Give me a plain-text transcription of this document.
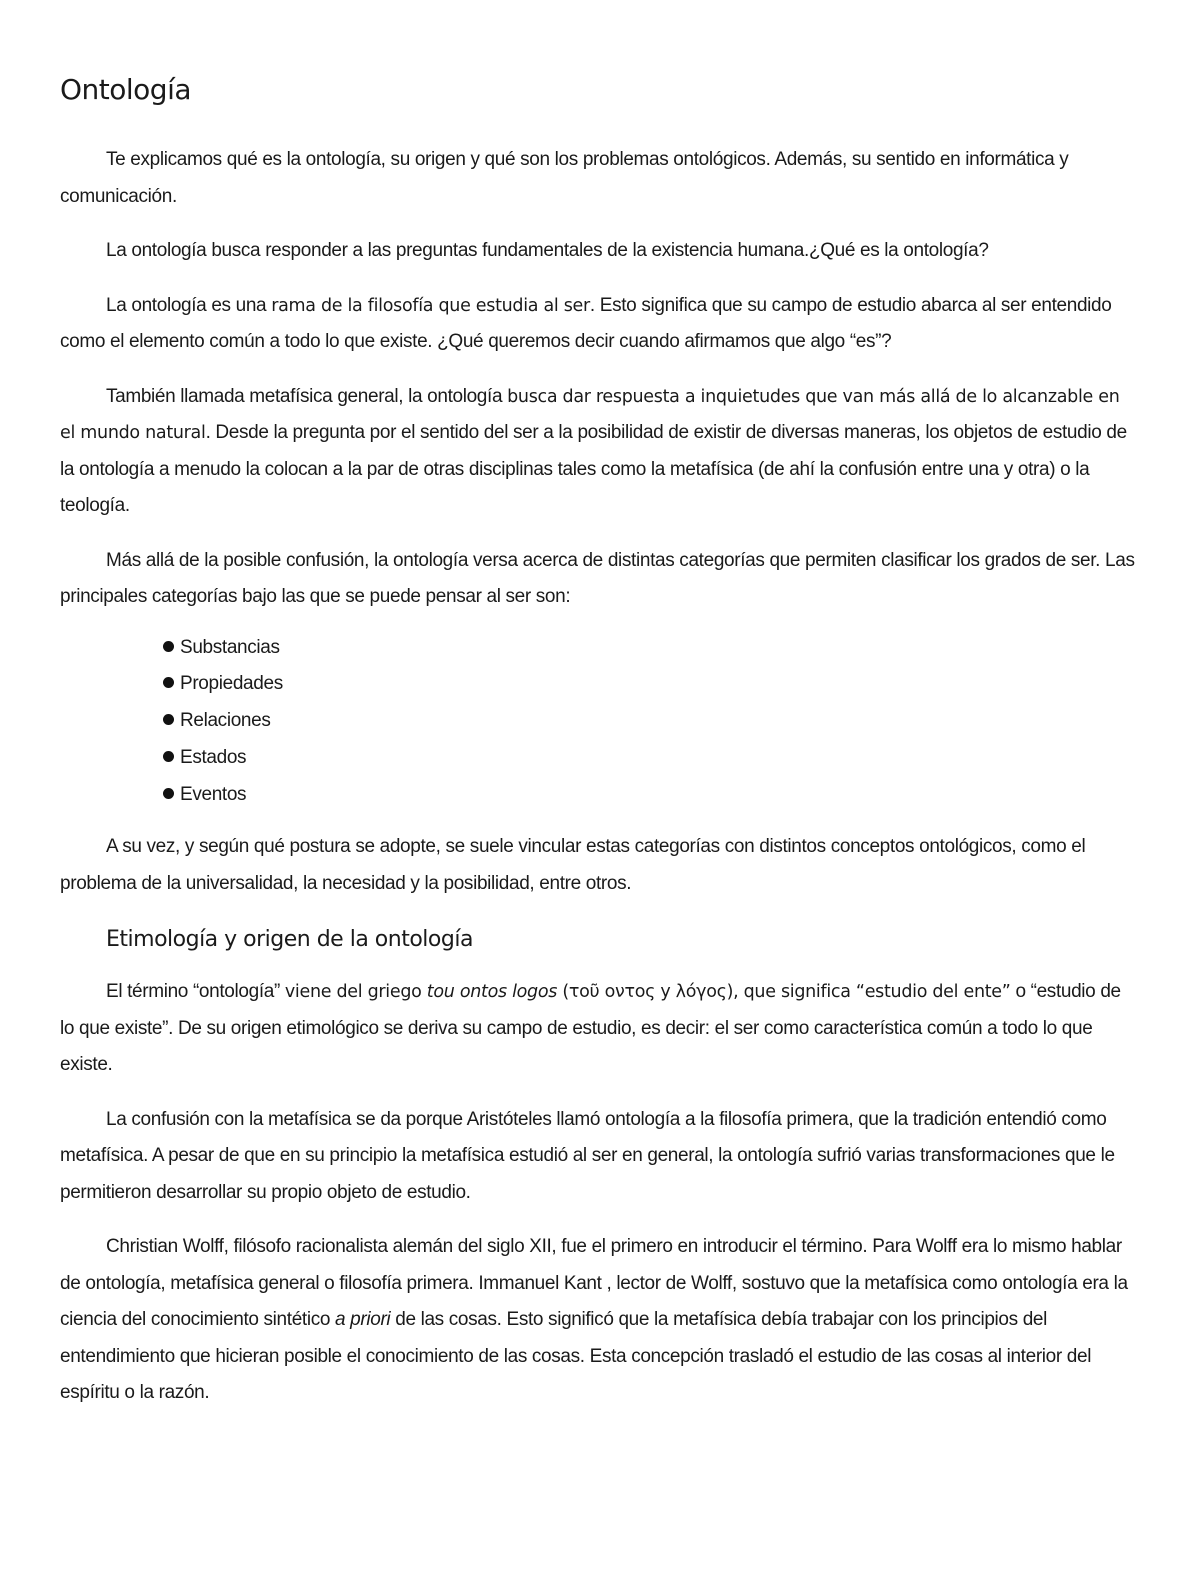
Ontología

Te explicamos qué es la ontología, su origen y qué son los problemas ontológicos. Además, su sentido en informática y comunicación.

La ontología busca responder a las preguntas fundamentales de la existencia humana.¿Qué es la ontología?

La ontología es una rama de la filosofía que estudia al ser. Esto significa que su campo de estudio abarca al ser entendido como el elemento común a todo lo que existe. ¿Qué queremos decir cuando afirmamos que algo “es”?

También llamada metafísica general, la ontología busca dar respuesta a inquietudes que van más allá de lo alcanzable en el mundo natural. Desde la pregunta por el sentido del ser a la posibilidad de existir de diversas maneras, los objetos de estudio de la ontología a menudo la colocan a la par de otras disciplinas tales como la metafísica (de ahí la confusión entre una y otra) o la teología.

Más allá de la posible confusión, la ontología versa acerca de distintas categorías que permiten clasificar los grados de ser. Las principales categorías bajo las que se puede pensar al ser son:

Substancias
Propiedades
Relaciones
Estados
Eventos

A su vez, y según qué postura se adopte, se suele vincular estas categorías con distintos conceptos ontológicos, como el problema de la universalidad, la necesidad y la posibilidad, entre otros.

Etimología y origen de la ontología

El término “ontología” viene del griego tou ontos logos (τοῦ οντος y λόγος), que significa “estudio del ente” o “estudio de lo que existe”. De su origen etimológico se deriva su campo de estudio, es decir: el ser como característica común a todo lo que existe.

La confusión con la metafísica se da porque Aristóteles llamó ontología a la filosofía primera, que la tradición entendió como metafísica. A pesar de que en su principio la metafísica estudió al ser en general, la ontología sufrió varias transformaciones que le permitieron desarrollar su propio objeto de estudio.

Christian Wolff, filósofo racionalista alemán del siglo XII, fue el primero en introducir el término. Para Wolff era lo mismo hablar de ontología, metafísica general o filosofía primera. Immanuel Kant , lector de Wolff, sostuvo que la metafísica como ontología era la ciencia del conocimiento sintético a priori de las cosas. Esto significó que la metafísica debía trabajar con los principios del entendimiento que hicieran posible el conocimiento de las cosas. Esta concepción trasladó el estudio de las cosas al interior del espíritu o la razón.
